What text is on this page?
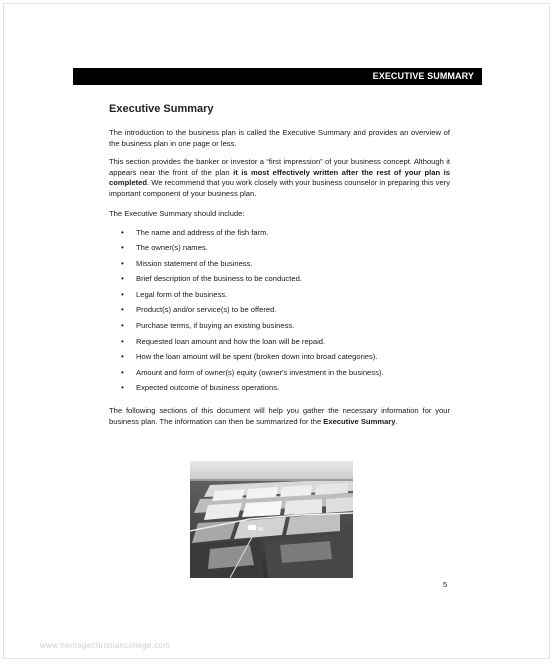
EXECUTIVE SUMMARY
Executive Summary

The introduction to the business plan is called the Executive Summary and provides an overview of the business plan in one page or less.

This section provides the banker or investor a “first impression” of your business concept. Although it appears near the front of the plan it is most effectively written after the rest of your plan is completed. We recommend that you work closely with your business counselor in preparing this very important component of your business plan.

The Executive Summary should include:

• The name and address of the fish farm.
• The owner(s) names.
• Mission statement of the business.
• Brief description of the business to be conducted.
• Legal form of the business.
• Product(s) and/or service(s) to be offered.
• Purchase terms, if buying an existing business.
• Requested loan amount and how the loan will be repaid.
• How the loan amount will be spent (broken down into broad categories).
• Amount and form of owner(s) equity (owner's investment in the business).
• Expected outcome of business operations.

The following sections of this document will help you gather the necessary information for your business plan. The information can then be summarized for the Executive Summary.

5
www.heritagechristiancollege.com
